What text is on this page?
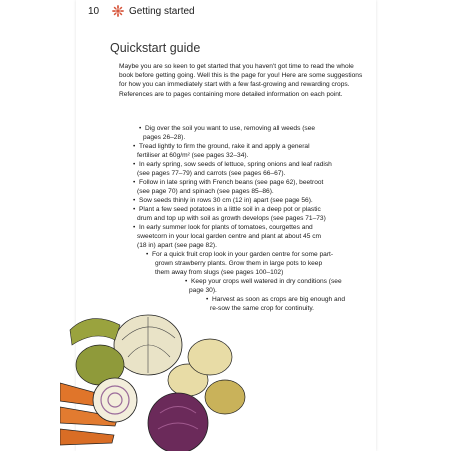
10	Getting started
Quickstart guide
Maybe you are so keen to get started that you haven't got time to read the whole book before getting going. Well this is the page for you! Here are some suggestions for how you can immediately start with a few fast-growing and rewarding crops. References are to pages containing more detailed information on each point.
• Dig over the soil you want to use, removing all weeds (see
pages 26–28).
• Tread lightly to firm the ground, rake it and apply a general
fertiliser at 60g/m² (see pages 32–34).
• In early spring, sow seeds of lettuce, spring onions and leaf radish
(see pages 77–79) and carrots (see pages 66–67).
• Follow in late spring with French beans (see page 62), beetroot
(see page 70) and spinach (see pages 85–86).
• Sow seeds thinly in rows 30 cm (12 in) apart (see page 56).
• Plant a few seed potatoes in a little soil in a deep pot or plastic
drum and top up with soil as growth develops (see pages 71–73)
• In early summer look for plants of tomatoes, courgettes and
sweetcorn in your local garden centre and plant at about 45 cm
(18 in) apart (see page 82).
• For a quick fruit crop look in your garden centre for some part-
grown strawberry plants. Grow them in large pots to keep
them away from slugs (see pages 100–102)
• Keep your crops well watered in dry conditions (see
page 30).
• Harvest as soon as crops are big enough and
re-sow the same crop for continuity.
